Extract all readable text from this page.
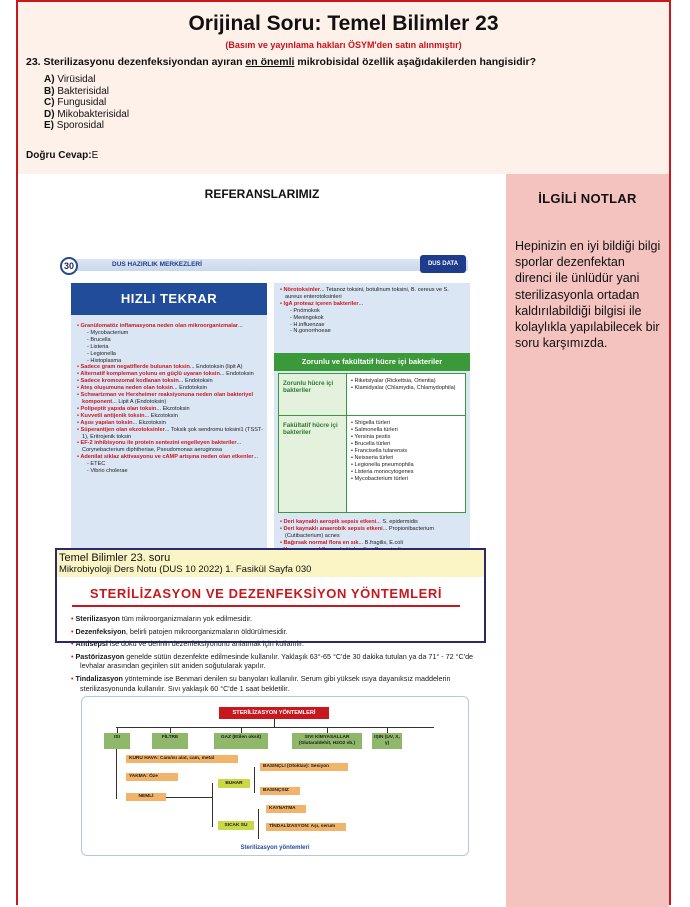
Orijinal Soru: Temel Bilimler 23
(Basım ve yayınlama hakları ÖSYM'den satın alınmıştır)
23. Sterilizasyonu dezenfeksiyondan ayıran en önemli mikrobisidal özellik aşağıdakilerden hangisidir?
A) Virüsidal
B) Bakterisidal
C) Fungusidal
D) Mikobakterisidal
E) Sporosidal
Doğru Cevap:E
REFERANSLARIMIZ
30	DUS HAZIRLIK MERKEZLERİ	DUS DATA
HIZLI TEKRAR
• Granülomatöz inflamasyona neden olan mikroorganizmalar...
- Mycobacterium
- Brucella
- Listeria
- Legionella
- Histoplasma
• Sadece gram negatiflerde bulunan toksin... Endotoksin (lipit A)
• Alternatif kompleman yolunu en güçlü uyaran toksin... Endotoksin
• Sadece kromozomal kodlanan toksin... Endotoksin
• Ateş oluşumuna neden olan toksin... Endotoksin
• Schwartzman ve Herxheimer reaksiyonuna neden olan bakteriyel komponent... Lipit A (Endotoksin)
• Polipeptit yapıda olan toksin... Ekzotoksin
• Kuvvetli antijenik toksin... Ekzotoksin
• Aşısı yapılan toksin... Ekzotoksin
• Süperantijen olan ekzotoksinler... Toksik şok sendromu toksini1 (TSST-1), Eritrojenik toksin
• EF-2 inhibisyonu ile protein sentezini engelleyen bakteriler... Corynebacterium diphtheriae, Pseudomonas aeruginosa
• Adenilat siklaz aktivasyonu ve cAMP artışına neden olan etkenler...
- ETEC
- Vibrio cholerae
• Nörotoksinler... Tetanoz toksini, botulinum toksini, B. cereus ve S. aureus enterotoksinleri
• IgA proteaz içeren bakteriler...
- Pnömokok
- Meningokok
- H.influenzae
- N.gonorrhoeae
Zorunlu ve fakültatif hücre içi bakteriler
Zorunlu hücre içi bakteriler
• Riketsiyalar (Rickettsia, Orientia)
• Klamidyalar (Chlamydia, Chlamydophila)
Fakültatif hücre içi bakteriler
• Shigella türleri
• Salmonella türleri
• Yersinia pestis
• Brucella türleri
• Francisella tularensis
• Neisseria türleri
• Legionella pneumophila
• Listeria monocytogenes
• Mycobacterium türleri
• Deri kaynaklı aeropik sepsis etkeni... S. epidermidis
• Deri kaynaklı anaerobik sepsis etkeni... Propionibacterium (Cutibacterium) acnes
• Bağırsak normal flora en sık... B.fragilis, E.coli
STERİLİZASYON VE DEZENFEKSİYON YÖNTEMLERİ
• Sterilizasyon tüm mikroorganizmaların yok edilmesidir.
• Dezenfeksiyon, belirli patojen mikroorganizmaların öldürülmesidir.
• Antisepsi ise doku ve derinin dezenfeksiyonunu anlatmak için kullanılır.
• Pastörizasyon genelde sütün dezenfekte edilmesinde kullanılır. Yaklaşık 63°-65 °C'de 30 dakika tutulan ya da 71° - 72 °C'de levhalar arasından geçirilen süt aniden soğutularak yapılır.
• Tindalizasyon yönteminde ise Benmari denilen su banyoları kullanılır. Serum gibi yüksek ısıya dayanıksız maddelerin sterilizasyonunda kullanılır. Sıvı yaklaşık 60 °C'de 1 saat bekletilir.
STERİLİZASYON YÖNTEMLERİ
ISI	FİLTRE	GAZ (Etilen oksit)	SIVI KİMYASALLAR (Glutaraldehit, H2O2 vb.)
IŞIN (UV, X, γ)
KURU HAVA: Cam/ısı alat, cam, metal
YAKMA: Öze
NEMLİ
BUHAR
SICAK SU
BASINÇLI (Otoklav): Sesiyon
BASINÇSIZ
KAYNATMA
TİNDALİZASYON: Aşı, serum
Sterilizasyon yöntemleri
Temel Bilimler 23. soru
Mikrobiyoloji Ders Notu (DUS 10 2022) 1. Fasikül Sayfa 030
İLGİLİ NOTLAR
Hepinizin en iyi bildiği bilgi sporlar dezenfektan direnci ile ünlüdür yani sterilizasyonla ortadan kaldırılabildiği bilgisi ile kolaylıkla yapılabilecek bir soru karşımızda.
